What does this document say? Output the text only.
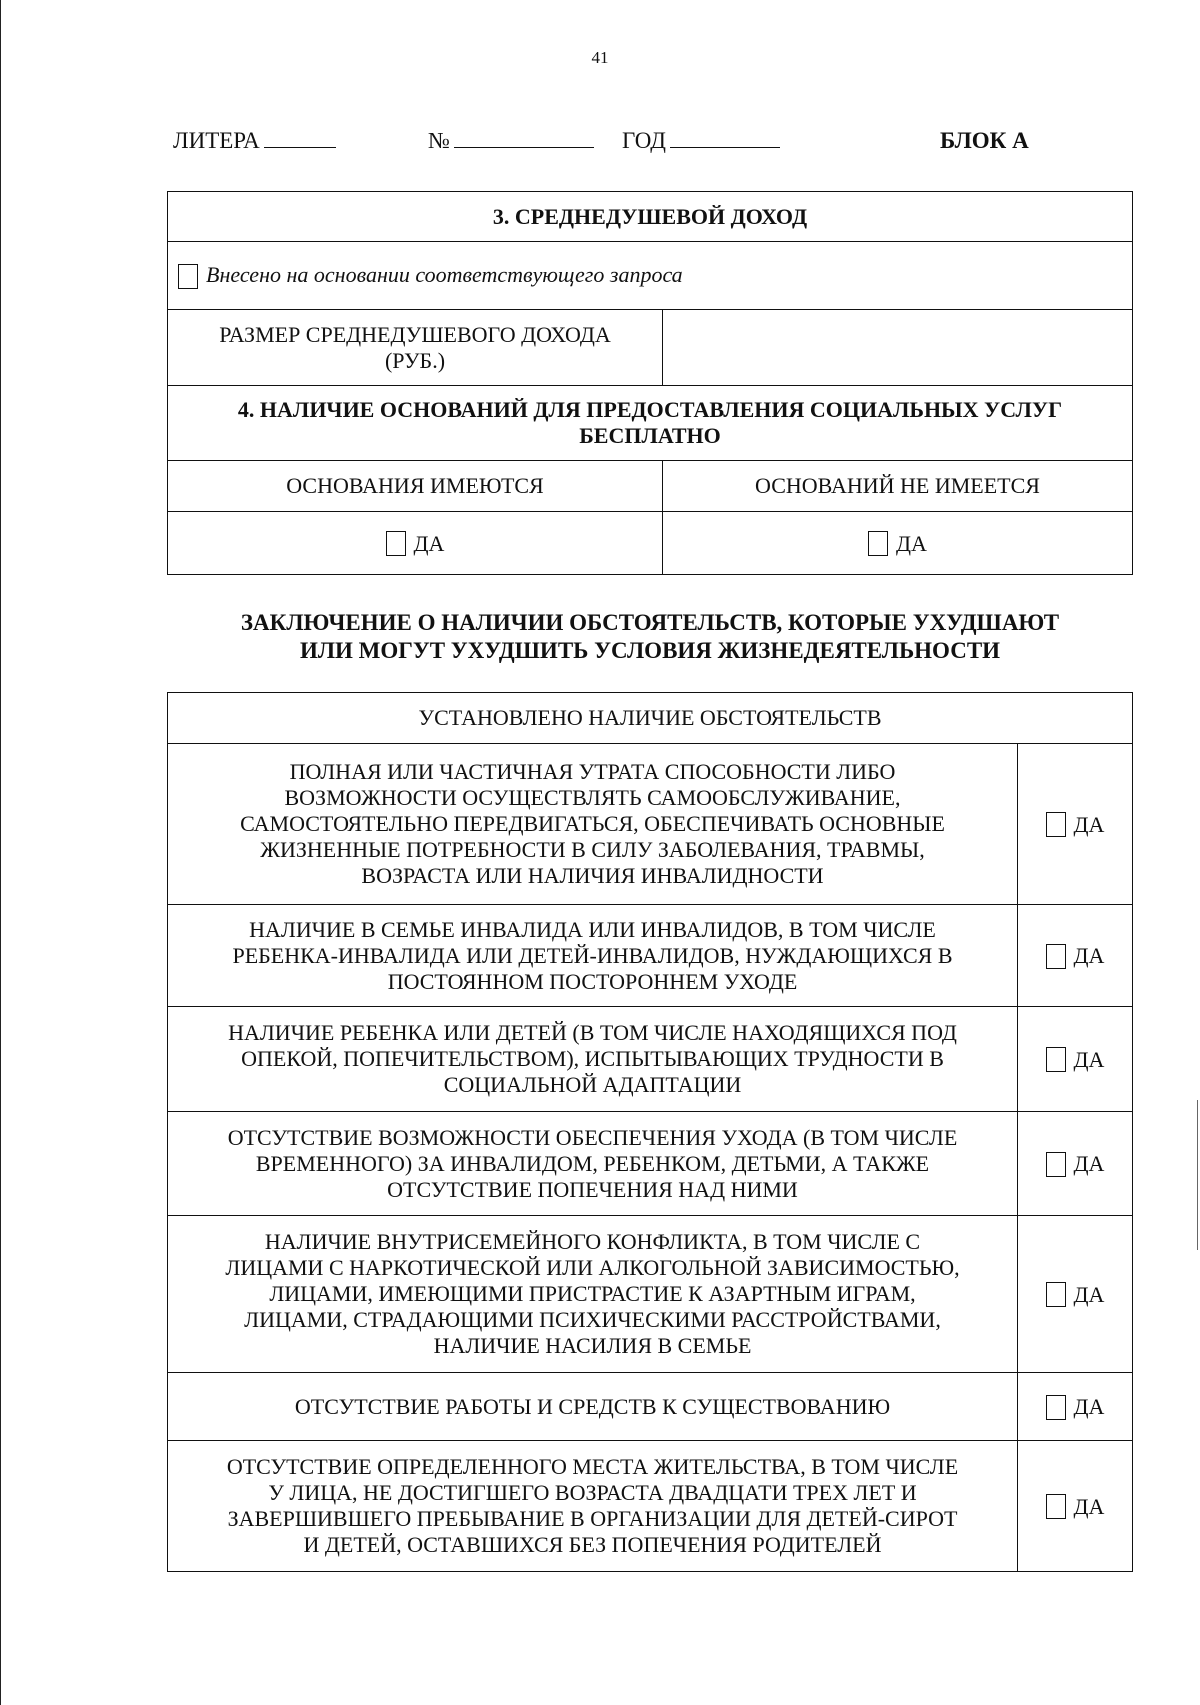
41
ЛИТЕРА	№	ГОД	БЛОК А
3. СРЕДНЕДУШЕВОЙ ДОХОД	
Внесено на основании соответствующего запроса	

РАЗМЕР СРЕДНЕДУШЕВОГО ДОХОДА
(РУБ.)	

4. НАЛИЧИЕ ОСНОВАНИЙ ДЛЯ ПРЕДОСТАВЛЕНИЯ СОЦИАЛЬНЫХ УСЛУГ
БЕСПЛАТНО	

ОСНОВАНИЯ ИМЕЮТСЯ	ОСНОВАНИЙ НЕ ИМЕЕТСЯ
ДА	ДА
ЗАКЛЮЧЕНИЕ О НАЛИЧИИ ОБСТОЯТЕЛЬСТВ, КОТОРЫЕ УХУДШАЮТ
ИЛИ МОГУТ УХУДШИТЬ УСЛОВИЯ ЖИЗНЕДЕЯТЕЛЬНОСТИ
УСТАНОВЛЕНО НАЛИЧИЕ ОБСТОЯТЕЛЬСТВ	

ПОЛНАЯ ИЛИ ЧАСТИЧНАЯ УТРАТА СПОСОБНОСТИ ЛИБО
ВОЗМОЖНОСТИ ОСУЩЕСТВЛЯТЬ САМООБСЛУЖИВАНИЕ,
САМОСТОЯТЕЛЬНО ПЕРЕДВИГАТЬСЯ, ОБЕСПЕЧИВАТЬ ОСНОВНЫЕ
ЖИЗНЕННЫЕ ПОТРЕБНОСТИ В СИЛУ ЗАБОЛЕВАНИЯ, ТРАВМЫ,
ВОЗРАСТА ИЛИ НАЛИЧИЯ ИНВАЛИДНОСТИ	ДА

НАЛИЧИЕ В СЕМЬЕ ИНВАЛИДА ИЛИ ИНВАЛИДОВ, В ТОМ ЧИСЛЕ
РЕБЕНКА-ИНВАЛИДА ИЛИ ДЕТЕЙ-ИНВАЛИДОВ, НУЖДАЮЩИХСЯ В
ПОСТОЯННОМ ПОСТОРОННЕМ УХОДЕ	ДА

НАЛИЧИЕ РЕБЕНКА ИЛИ ДЕТЕЙ (В ТОМ ЧИСЛЕ НАХОДЯЩИХСЯ ПОД
ОПЕКОЙ, ПОПЕЧИТЕЛЬСТВОМ), ИСПЫТЫВАЮЩИХ ТРУДНОСТИ В
СОЦИАЛЬНОЙ АДАПТАЦИИ	ДА

ОТСУТСТВИЕ ВОЗМОЖНОСТИ ОБЕСПЕЧЕНИЯ УХОДА (В ТОМ ЧИСЛЕ
ВРЕМЕННОГО) ЗА ИНВАЛИДОМ, РЕБЕНКОМ, ДЕТЬМИ, А ТАКЖЕ
ОТСУТСТВИЕ ПОПЕЧЕНИЯ НАД НИМИ	ДА

НАЛИЧИЕ ВНУТРИСЕМЕЙНОГО КОНФЛИКТА, В ТОМ ЧИСЛЕ С
ЛИЦАМИ С НАРКОТИЧЕСКОЙ ИЛИ АЛКОГОЛЬНОЙ ЗАВИСИМОСТЬЮ,
ЛИЦАМИ, ИМЕЮЩИМИ ПРИСТРАСТИЕ К АЗАРТНЫМ ИГРАМ,
ЛИЦАМИ, СТРАДАЮЩИМИ ПСИХИЧЕСКИМИ РАССТРОЙСТВАМИ,
НАЛИЧИЕ НАСИЛИЯ В СЕМЬЕ	ДА

ОТСУТСТВИЕ РАБОТЫ И СРЕДСТВ К СУЩЕСТВОВАНИЮ	ДА

ОТСУТСТВИЕ ОПРЕДЕЛЕННОГО МЕСТА ЖИТЕЛЬСТВА, В ТОМ ЧИСЛЕ
У ЛИЦА, НЕ ДОСТИГШЕГО ВОЗРАСТА ДВАДЦАТИ ТРЕХ ЛЕТ И
ЗАВЕРШИВШЕГО ПРЕБЫВАНИЕ В ОРГАНИЗАЦИИ ДЛЯ ДЕТЕЙ-СИРОТ
И ДЕТЕЙ, ОСТАВШИХСЯ БЕЗ ПОПЕЧЕНИЯ РОДИТЕЛЕЙ	ДА
